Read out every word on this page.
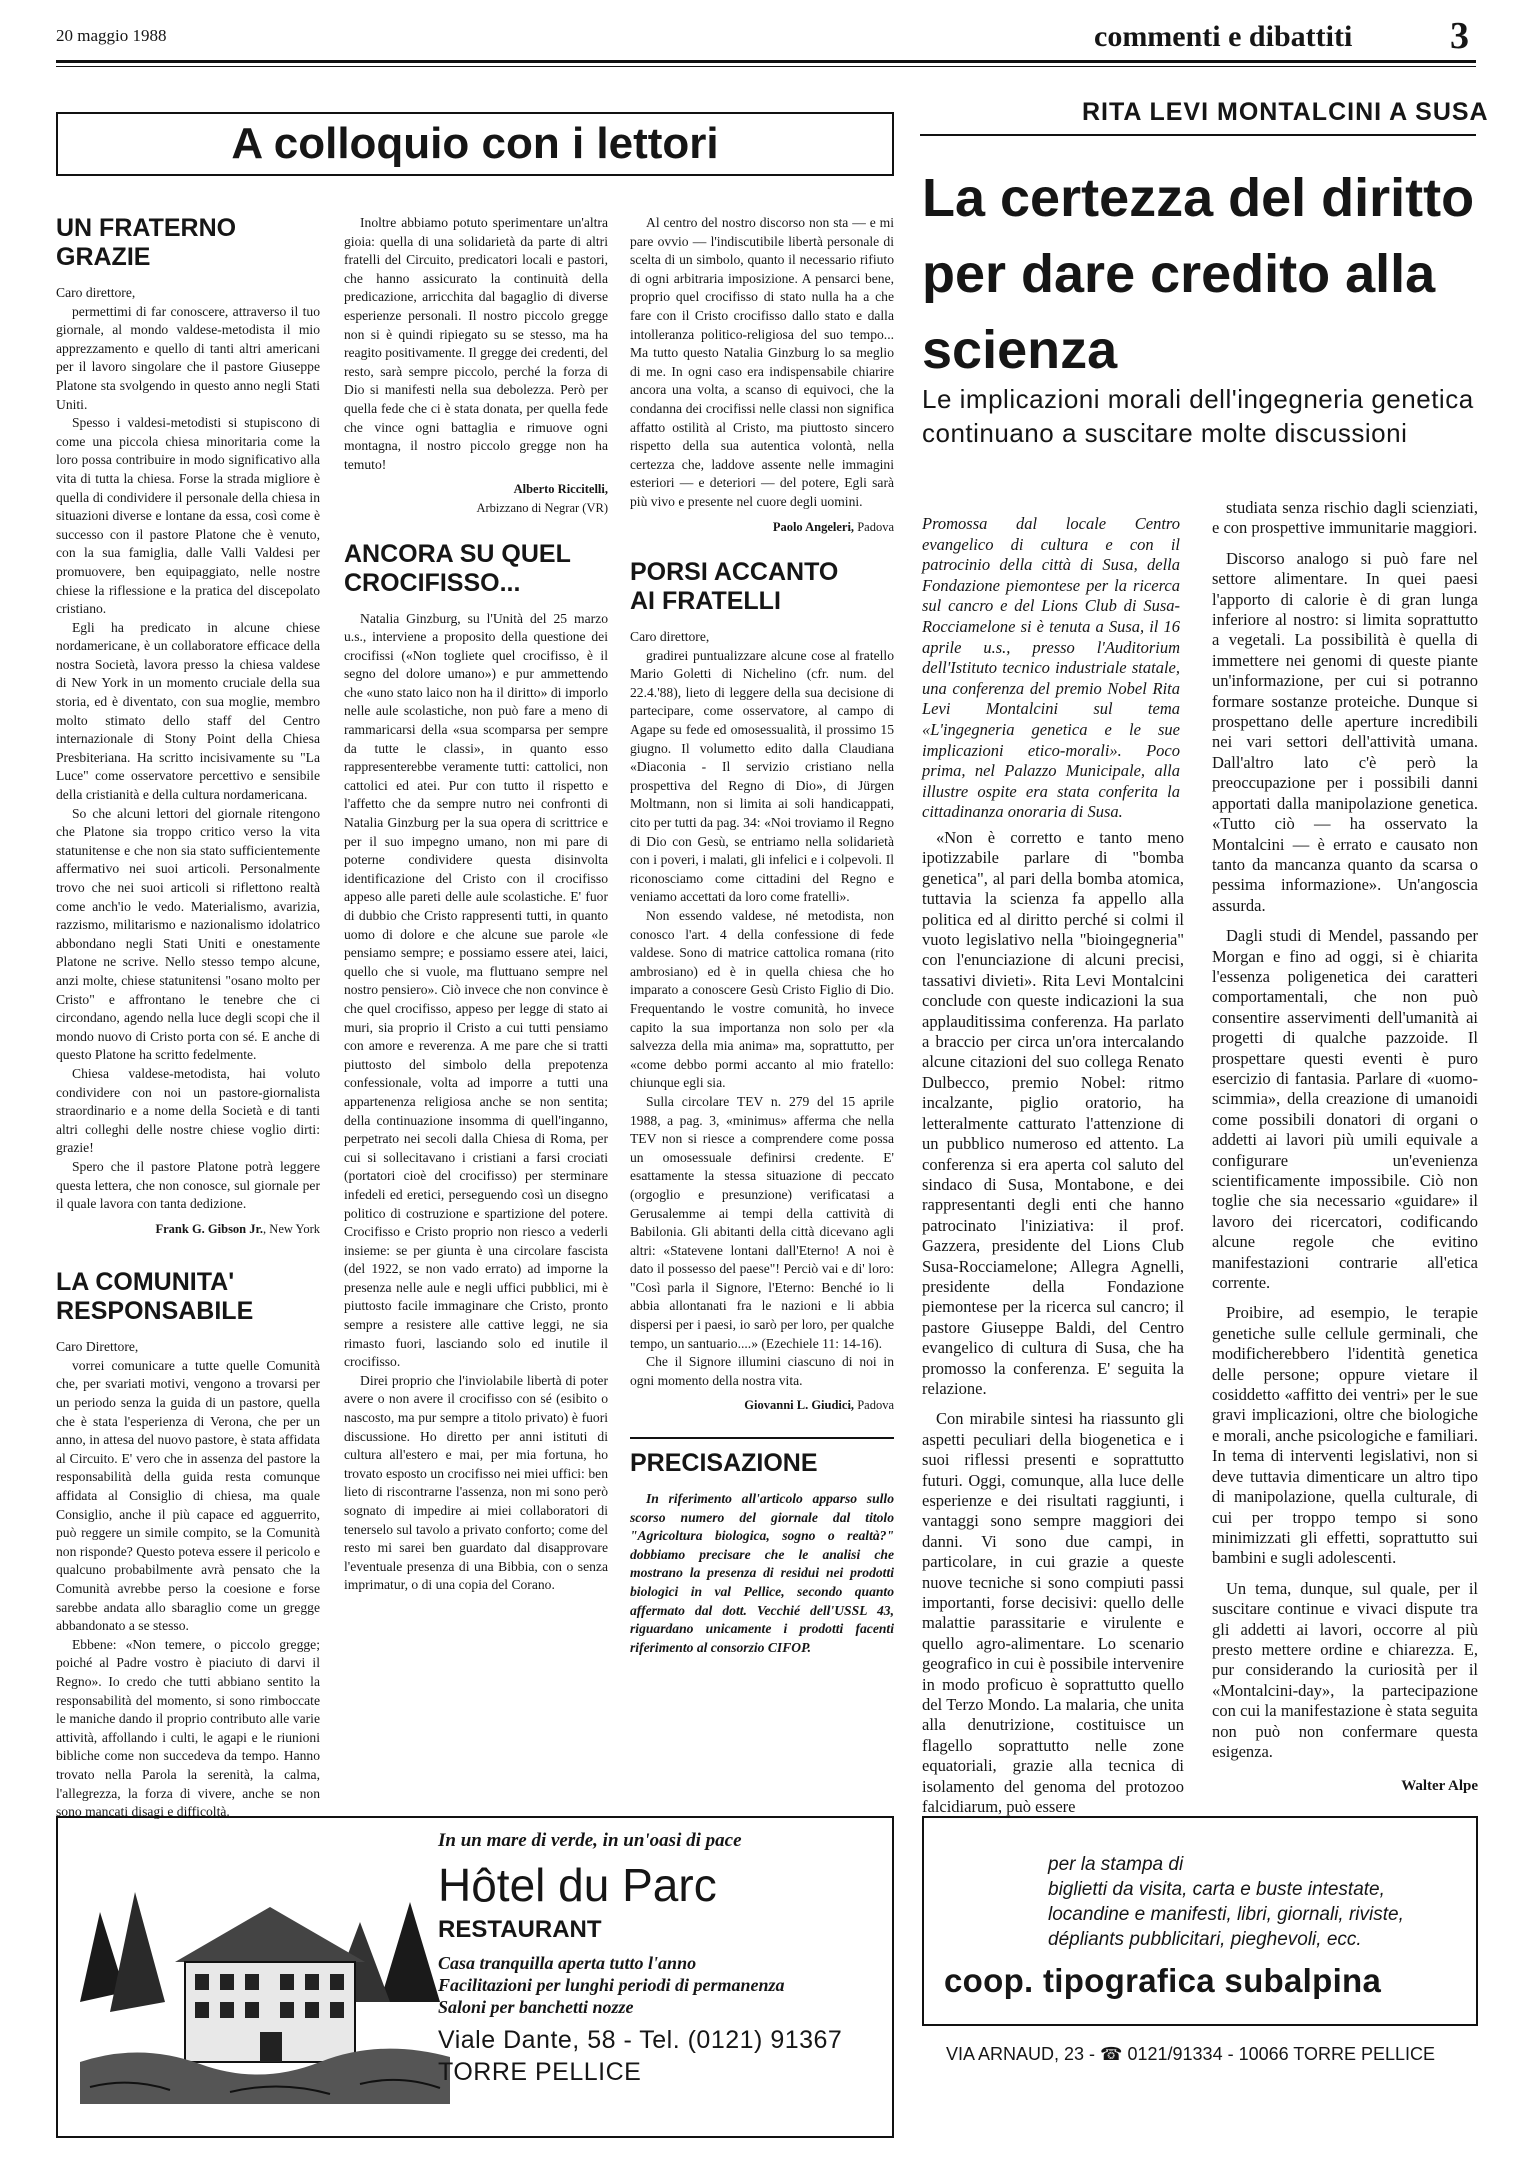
20 maggio 1988	commenti e dibattiti	3
A colloquio con i lettori
UN FRATERNO GRAZIE

Caro direttore,

permettimi di far conoscere, attraverso il tuo giornale, al mondo valdese-metodista il mio apprezzamento e quello di tanti altri americani per il lavoro singolare che il pastore Giuseppe Platone sta svolgendo in questo anno negli Stati Uniti.

Spesso i valdesi-metodisti si stupiscono di come una piccola chiesa minoritaria come la loro possa contribuire in modo significativo alla vita di tutta la chiesa. Forse la strada migliore è quella di condividere il personale della chiesa in situazioni diverse e lontane da essa, così come è successo con il pastore Platone che è venuto, con la sua famiglia, dalle Valli Valdesi per promuovere, ben equipaggiato, nelle nostre chiese la riflessione e la pratica del discepolato cristiano.

Egli ha predicato in alcune chiese nordamericane, è un collaboratore efficace della nostra Società, lavora presso la chiesa valdese di New York in un momento cruciale della sua storia, ed è diventato, con sua moglie, membro molto stimato dello staff del Centro internazionale di Stony Point della Chiesa Presbiteriana. Ha scritto incisivamente su "La Luce" come osservatore percettivo e sensibile della cristianità e della cultura nordamericana.

So che alcuni lettori del giornale ritengono che Platone sia troppo critico verso la vita statunitense e che non sia stato sufficientemente affermativo nei suoi articoli. Personalmente trovo che nei suoi articoli si riflettono realtà come anch'io le vedo. Materialismo, avarizia, razzismo, militarismo e nazionalismo idolatrico abbondano negli Stati Uniti e onestamente Platone ne scrive. Nello stesso tempo alcune, anzi molte, chiese statunitensi "osano molto per Cristo" e affrontano le tenebre che ci circondano, agendo nella luce degli scopi che il mondo nuovo di Cristo porta con sé. E anche di questo Platone ha scritto fedelmente.

Chiesa valdese-metodista, hai voluto condividere con noi un pastore-giornalista straordinario e a nome della Società e di tanti altri colleghi delle nostre chiese voglio dirti: grazie!

Spero che il pastore Platone potrà leggere questa lettera, che non conosce, sul giornale per il quale lavora con tanta dedizione.

Frank G. Gibson Jr., New York
LA COMUNITA' RESPONSABILE

Caro Direttore,

vorrei comunicare a tutte quelle Comunità che, per svariati motivi, vengono a trovarsi per un periodo senza la guida di un pastore, quella che è stata l'esperienza di Verona, che per un anno, in attesa del nuovo pastore, è stata affidata al Circuito. E' vero che in assenza del pastore la responsabilità della guida resta comunque affidata al Consiglio di chiesa, ma quale Consiglio, anche il più capace ed agguerrito, può reggere un simile compito, se la Comunità non risponde? Questo poteva essere il pericolo e qualcuno probabilmente avrà pensato che la Comunità avrebbe perso la coesione e forse sarebbe andata allo sbaraglio come un gregge abbandonato a se stesso.

Ebbene: «Non temere, o piccolo gregge; poiché al Padre vostro è piaciuto di darvi il Regno». Io credo che tutti abbiano sentito la responsabilità del momento, si sono rimboccate le maniche dando il proprio contributo alle varie attività, affollando i culti, le agapi e le riunioni bibliche come non succedeva da tempo. Hanno trovato nella Parola la serenità, la calma, l'allegrezza, la forza di vivere, anche se non sono mancati disagi e difficoltà.

Inoltre abbiamo potuto sperimentare un'altra gioia: quella di una solidarietà da parte di altri fratelli del Circuito, predicatori locali e pastori, che hanno assicurato la continuità della predicazione, arricchita dal bagaglio di diverse esperienze personali. Il nostro piccolo gregge non si è quindi ripiegato su se stesso, ma ha reagito positivamente. Il gregge dei credenti, del resto, sarà sempre piccolo, perché la forza di Dio si manifesti nella sua debolezza. Però per quella fede che ci è stata donata, per quella fede che vince ogni battaglia e rimuove ogni montagna, il nostro piccolo gregge non ha temuto!

Alberto Riccitelli,
Arbizzano di Negrar (VR)
ANCORA SU QUEL CROCIFISSO...

Natalia Ginzburg, su l'Unità del 25 marzo u.s., interviene a proposito della questione dei crocifissi («Non togliete quel crocifisso, è il segno del dolore umano») e pur ammettendo che «uno stato laico non ha il diritto» di imporlo nelle aule scolastiche, non può fare a meno di rammaricarsi della «sua scomparsa per sempre da tutte le classi», in quanto esso rappresenterebbe veramente tutti: cattolici, non cattolici ed atei. Pur con tutto il rispetto e l'affetto che da sempre nutro nei confronti di Natalia Ginzburg per la sua opera di scrittrice e per il suo impegno umano, non mi pare di poterne condividere questa disinvolta identificazione del Cristo con il crocifisso appeso alle pareti delle aule scolastiche. E' fuor di dubbio che Cristo rappresenti tutti, in quanto uomo di dolore e che alcune sue parole «le pensiamo sempre; e possiamo essere atei, laici, quello che si vuole, ma fluttuano sempre nel nostro pensiero». Ciò invece che non convince è che quel crocifisso, appeso per legge di stato ai muri, sia proprio il Cristo a cui tutti pensiamo con amore e reverenza. A me pare che si tratti piuttosto del simbolo della prepotenza confessionale, volta ad imporre a tutti una appartenenza religiosa anche se non sentita; della continuazione insomma di quell'inganno, perpetrato nei secoli dalla Chiesa di Roma, per cui si sollecitavano i cristiani a farsi crociati (portatori cioè del crocifisso) per sterminare infedeli ed eretici, perseguendo così un disegno politico di costruzione e spartizione del potere. Crocifisso e Cristo proprio non riesco a vederli insieme: se per giunta è una circolare fascista (del 1922, se non vado errato) ad imporne la presenza nelle aule e negli uffici pubblici, mi è piuttosto facile immaginare che Cristo, pronto sempre a resistere alle cattive leggi, ne sia rimasto fuori, lasciando solo ed inutile il crocifisso.

Direi proprio che l'inviolabile libertà di poter avere o non avere il crocifisso con sé (esibito o nascosto, ma pur sempre a titolo privato) è fuori discussione. Ho diretto per anni istituti di cultura all'estero e mai, per mia fortuna, ho trovato esposto un crocifisso nei miei uffici: ben lieto di riscontrarne l'assenza, non mi sono però sognato di impedire ai miei collaboratori di tenerselo sul tavolo a privato conforto; come del resto mi sarei ben guardato dal disapprovare l'eventuale presenza di una Bibbia, con o senza imprimatur, o di una copia del Corano.

Al centro del nostro discorso non sta — e mi pare ovvio — l'indiscutibile libertà personale di scelta di un simbolo, quanto il necessario rifiuto di ogni arbitraria imposizione. A pensarci bene, proprio quel crocifisso di stato nulla ha a che fare con il Cristo crocifisso dallo stato e dalla intolleranza politico-religiosa del suo tempo... Ma tutto questo Natalia Ginzburg lo sa meglio di me. In ogni caso era indispensabile chiarire ancora una volta, a scanso di equivoci, che la condanna dei crocifissi nelle classi non significa affatto ostilità al Cristo, ma piuttosto sincero rispetto della sua autentica volontà, nella certezza che, laddove assente nelle immagini esteriori — e deteriori — del potere, Egli sarà più vivo e presente nel cuore degli uomini.

Paolo Angeleri, Padova
PORSI ACCANTO AI FRATELLI

Caro direttore,

gradirei puntualizzare alcune cose al fratello Mario Goletti di Nichelino (cfr. num. del 22.4.'88), lieto di leggere della sua decisione di partecipare, come osservatore, al campo di Agape su fede ed omosessualità, il prossimo 15 giugno. Il volumetto edito dalla Claudiana «Diaconia - Il servizio cristiano nella prospettiva del Regno di Dio», di Jürgen Moltmann, non si limita ai soli handicappati, cito per tutti da pag. 34: «Noi troviamo il Regno di Dio con Gesù, se entriamo nella solidarietà con i poveri, i malati, gli infelici e i colpevoli. Il riconosciamo come cittadini del Regno e veniamo accettati da loro come fratelli».

Non essendo valdese, né metodista, non conosco l'art. 4 della confessione di fede valdese. Sono di matrice cattolica romana (rito ambrosiano) ed è in quella chiesa che ho imparato a conoscere Gesù Cristo Figlio di Dio. Frequentando le vostre comunità, ho invece capito la sua importanza non solo per «la salvezza della mia anima» ma, soprattutto, per «come debbo pormi accanto al mio fratello: chiunque egli sia.

Sulla circolare TEV n. 279 del 15 aprile 1988, a pag. 3, «minimus» afferma che nella TEV non si riesce a comprendere come possa un omosessuale definirsi credente. E' esattamente la stessa situazione di peccato (orgoglio e presunzione) verificatasi a Gerusalemme ai tempi della cattività di Babilonia. Gli abitanti della città dicevano agli altri: «Statevene lontani dall'Eterno! A noi è dato il possesso del paese"! Perciò vai e di' loro: "Così parla il Signore, l'Eterno: Benché io li abbia allontanati fra le nazioni e li abbia dispersi per i paesi, io sarò per loro, per qualche tempo, un santuario....» (Ezechiele 11: 14-16).

Che il Signore illumini ciascuno di noi in ogni momento della nostra vita.

Giovanni L. Giudici, Padova
PRECISAZIONE

In riferimento all'articolo apparso sullo scorso numero del giornale dal titolo "Agricoltura biologica, sogno o realtà?" dobbiamo precisare che le analisi che mostrano la presenza di residui nei prodotti biologici in val Pellice, secondo quanto affermato dal dott. Vecchié dell'USSL 43, riguardano unicamente i prodotti facenti riferimento al consorzio CIFOP.

RITA LEVI MONTALCINI A SUSA
La certezza del diritto per dare credito alla scienza
Le implicazioni morali dell'ingegneria genetica continuano a suscitare molte discussioni
Promossa dal locale Centro evangelico di cultura e con il patrocinio della città di Susa, della Fondazione piemontese per la ricerca sul cancro e del Lions Club di Susa-Rocciamelone si è tenuta a Susa, il 16 aprile u.s., presso l'Auditorium dell'Istituto tecnico industriale statale, una conferenza del premio Nobel Rita Levi Montalcini sul tema «L'ingegneria genetica e le sue implicazioni etico-morali». Poco prima, nel Palazzo Municipale, alla illustre ospite era stata conferita la cittadinanza onoraria di Susa.

«Non è corretto e tanto meno ipotizzabile parlare di "bomba genetica", al pari della bomba atomica, tuttavia la scienza fa appello alla politica ed al diritto perché si colmi il vuoto legislativo nella "bioingegneria" con l'enunciazione di alcuni precisi, tassativi divieti». Rita Levi Montalcini conclude con queste indicazioni la sua applauditissima conferenza. Ha parlato a braccio per circa un'ora intercalando alcune citazioni del suo collega Renato Dulbecco, premio Nobel: ritmo incalzante, piglio oratorio, ha letteralmente catturato l'attenzione di un pubblico numeroso ed attento. La conferenza si era aperta col saluto del sindaco di Susa, Montabone, e dei rappresentanti degli enti che hanno patrocinato l'iniziativa: il prof. Gazzera, presidente del Lions Club Susa-Rocciamelone; Allegra Agnelli, presidente della Fondazione piemontese per la ricerca sul cancro; il pastore Giuseppe Baldi, del Centro evangelico di cultura di Susa, che ha promosso la conferenza. E' seguita la relazione.

Con mirabile sintesi ha riassunto gli aspetti peculiari della biogenetica e i suoi riflessi presenti e soprattutto futuri. Oggi, comunque, alla luce delle esperienze e dei risultati raggiunti, i vantaggi sono sempre maggiori dei danni. Vi sono due campi, in particolare, in cui grazie a queste nuove tecniche si sono compiuti passi importanti, forse decisivi: quello delle malattie parassitarie e virulente e quello agro-alimentare. Lo scenario geografico in cui è possibile intervenire in modo proficuo è soprattutto quello del Terzo Mondo. La malaria, che unita alla denutrizione, costituisce un flagello soprattutto nelle zone equatoriali, grazie alla tecnica di isolamento del genoma del protozoo falcidiarum, può essere

studiata senza rischio dagli scienziati, e con prospettive immunitarie maggiori.

Discorso analogo si può fare nel settore alimentare. In quei paesi l'apporto di calorie è di gran lunga inferiore al nostro: si limita soprattutto a vegetali. La possibilità è quella di immettere nei genomi di queste piante un'informazione, per cui si potranno formare sostanze proteiche. Dunque si prospettano delle aperture incredibili nei vari settori dell'attività umana. Dall'altro lato c'è però la preoccupazione per i possibili danni apportati dalla manipolazione genetica. «Tutto ciò — ha osservato la Montalcini — è errato e causato non tanto da mancanza quanto da scarsa o pessima informazione». Un'angoscia assurda.

Dagli studi di Mendel, passando per Morgan e fino ad oggi, si è chiarita l'essenza poligenetica dei caratteri comportamentali, che non può consentire asservimenti dell'umanità ai progetti di qualche pazzoide. Il prospettare questi eventi è puro esercizio di fantasia. Parlare di «uomo-scimmia», della creazione di umanoidi come possibili donatori di organi o addetti ai lavori più umili equivale a configurare un'evenienza scientificamente impossibile. Ciò non toglie che sia necessario «guidare» il lavoro dei ricercatori, codificando alcune regole che evitino manifestazioni contrarie all'etica corrente.

Proibire, ad esempio, le terapie genetiche sulle cellule germinali, che modificherebbero l'identità genetica delle persone; oppure vietare il cosiddetto «affitto dei ventri» per le sue gravi implicazioni, oltre che biologiche e morali, anche psicologiche e familiari. In tema di interventi legislativi, non si deve tuttavia dimenticare un altro tipo di manipolazione, quella culturale, di cui per troppo tempo si sono minimizzati gli effetti, soprattutto sui bambini e sugli adolescenti.

Un tema, dunque, sul quale, per il suscitare continue e vivaci dispute tra gli addetti ai lavori, occorre al più presto mettere ordine e chiarezza. E, pur considerando la curiosità per il «Montalcini-day», la partecipazione con cui la manifestazione è stata seguita non può non confermare questa esigenza.

Walter Alpe
In un mare di verde, in un'oasi di pace
Hôtel du Parc
RESTAURANT
Casa tranquilla aperta tutto l'anno
Facilitazioni per lunghi periodi di permanenza
Saloni per banchetti nozze
Viale Dante, 58 - Tel. (0121) 91367
TORRE PELLICE
per la stampa di
biglietti da visita, carta e buste intestate,
locandine e manifesti, libri, giornali, riviste,
dépliants pubblicitari, pieghevoli, ecc.
coop. tipografica subalpina
VIA ARNAUD, 23 - ☎ 0121/91334 - 10066 TORRE PELLICE
